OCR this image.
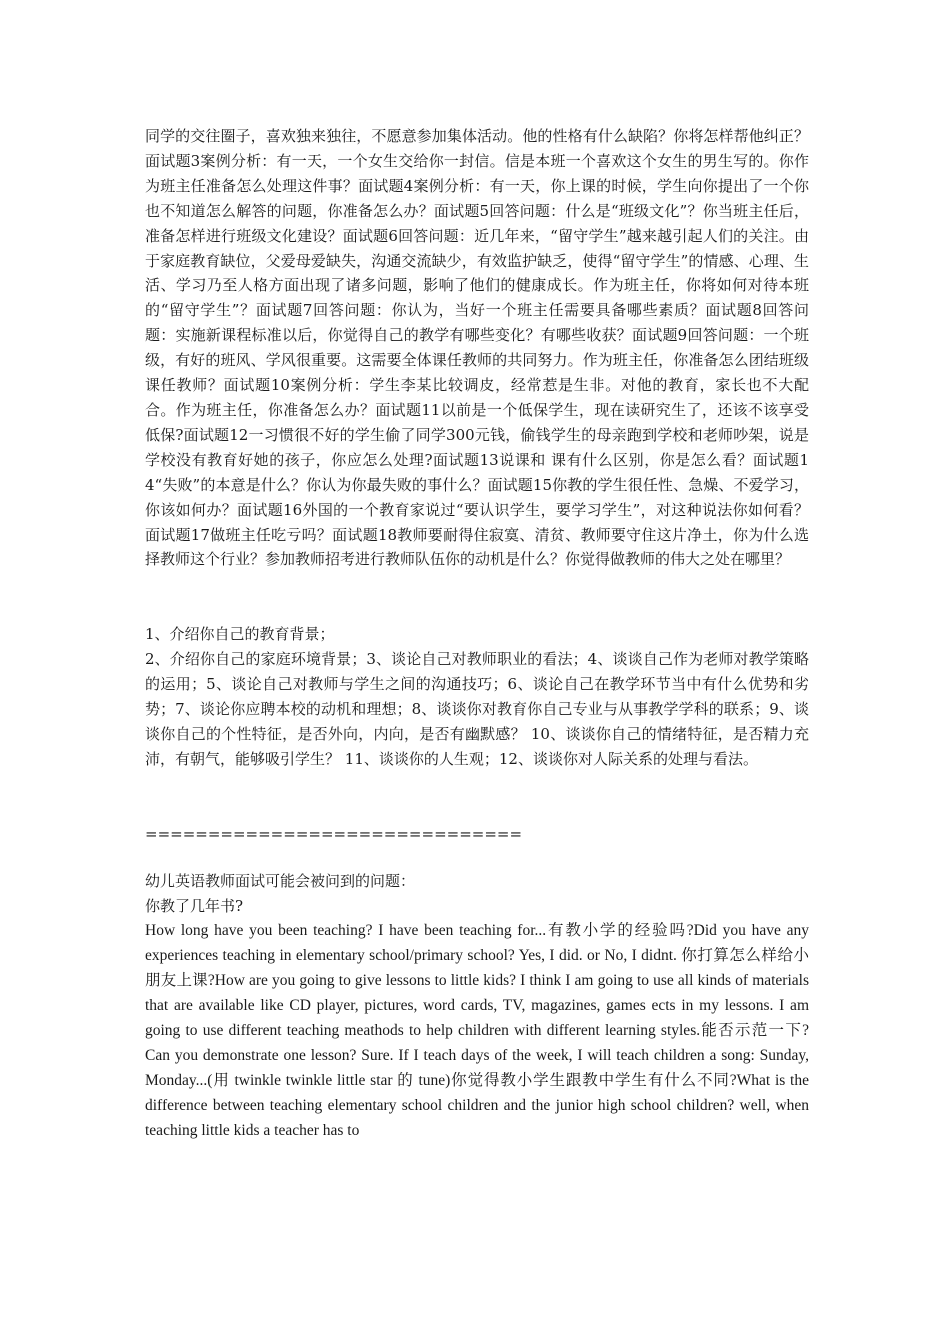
同学的交往圈子，喜欢独来独往，不愿意参加集体活动。他的性格有什么缺陷？你将怎样帮他纠正？面试题3案例分析：有一天，一个女生交给你一封信。信是本班一个喜欢这个女生的男生写的。你作为班主任准备怎么处理这件事？面试题4案例分析：有一天，你上课的时候，学生向你提出了一个你也不知道怎么解答的问题，你准备怎么办？面试题5回答问题：什么是“班级文化”？你当班主任后，准备怎样进行班级文化建设？面试题6回答问题：近几年来，“留守学生”越来越引起人们的关注。由于家庭教育缺位，父爱母爱缺失，沟通交流缺少，有效监护缺乏，使得“留守学生”的情感、心理、生活、学习乃至人格方面出现了诸多问题，影响了他们的健康成长。作为班主任，你将如何对待本班的“留守学生”？面试题7回答问题：你认为，当好一个班主任需要具备哪些素质？面试题8回答问题：实施新课程标准以后，你觉得自己的教学有哪些变化？有哪些收获？面试题9回答问题：一个班级，有好的班风、学风很重要。这需要全体课任教师的共同努力。作为班主任，你准备怎么团结班级课任教师？面试题10案例分析：学生李某比较调皮，经常惹是生非。对他的教育，家长也不大配合。作为班主任，你准备怎么办？面试题11以前是一个低保学生，现在读研究生了，还该不该享受低保?面试题12一习惯很不好的学生偷了同学300元钱，偷钱学生的母亲跑到学校和老师吵架，说是学校没有教育好她的孩子，你应怎么处理?面试题13说课和 课有什么区别，你是怎么看？面试题14“失败”的本意是什么？你认为你最失败的事什么？面试题15你教的学生很任性、急燥、不爱学习，你该如何办？面试题16外国的一个教育家说过“要认识学生，要学习学生”，对这种说法你如何看？面试题17做班主任吃亏吗？面试题18教师要耐得住寂寞、清贫、教师要守住这片净土，你为什么选择教师这个行业？参加教师招考进行教师队伍你的动机是什么？你觉得做教师的伟大之处在哪里？

1、介绍你自己的教育背景；

2、介绍你自己的家庭环境背景；3、谈论自己对教师职业的看法；4、谈谈自己作为老师对教学策略的运用；5、谈论自己对教师与学生之间的沟通技巧；6、谈论自己在教学环节当中有什么优势和劣势；7、谈论你应聘本校的动机和理想；8、谈谈你对教育你自己专业与从事教学学科的联系；9、谈谈你自己的个性特征，是否外向，内向，是否有幽默感？ 10、谈谈你自己的情绪特征，是否精力充沛，有朝气，能够吸引学生？ 11、谈谈你的人生观；12、谈谈你对人际关系的处理与看法。

==============================

幼儿英语教师面试可能会被问到的问题：

你教了几年书?

How long have you been teaching? I have been teaching for...有教小学的经验吗?Did you have any experiences teaching in elementary school/primary school? Yes, I did. or No, I didnt. 你打算怎么样给小朋友上课?How are you going to give lessons to little kids? I think I am going to use all kinds of materials that are available like CD player, pictures, word cards, TV, magazines, games ects in my lessons. I am going to use different teaching meathods to help children with different learning styles.能否示范一下?Can you demonstrate one lesson? Sure. If I teach days of the week, I will teach children a song: Sunday, Monday...(用 twinkle twinkle little star 的 tune)你觉得教小学生跟教中学生有什么不同?What is the difference between teaching elementary school children and the junior high school children? well, when teaching little kids a teacher has to
